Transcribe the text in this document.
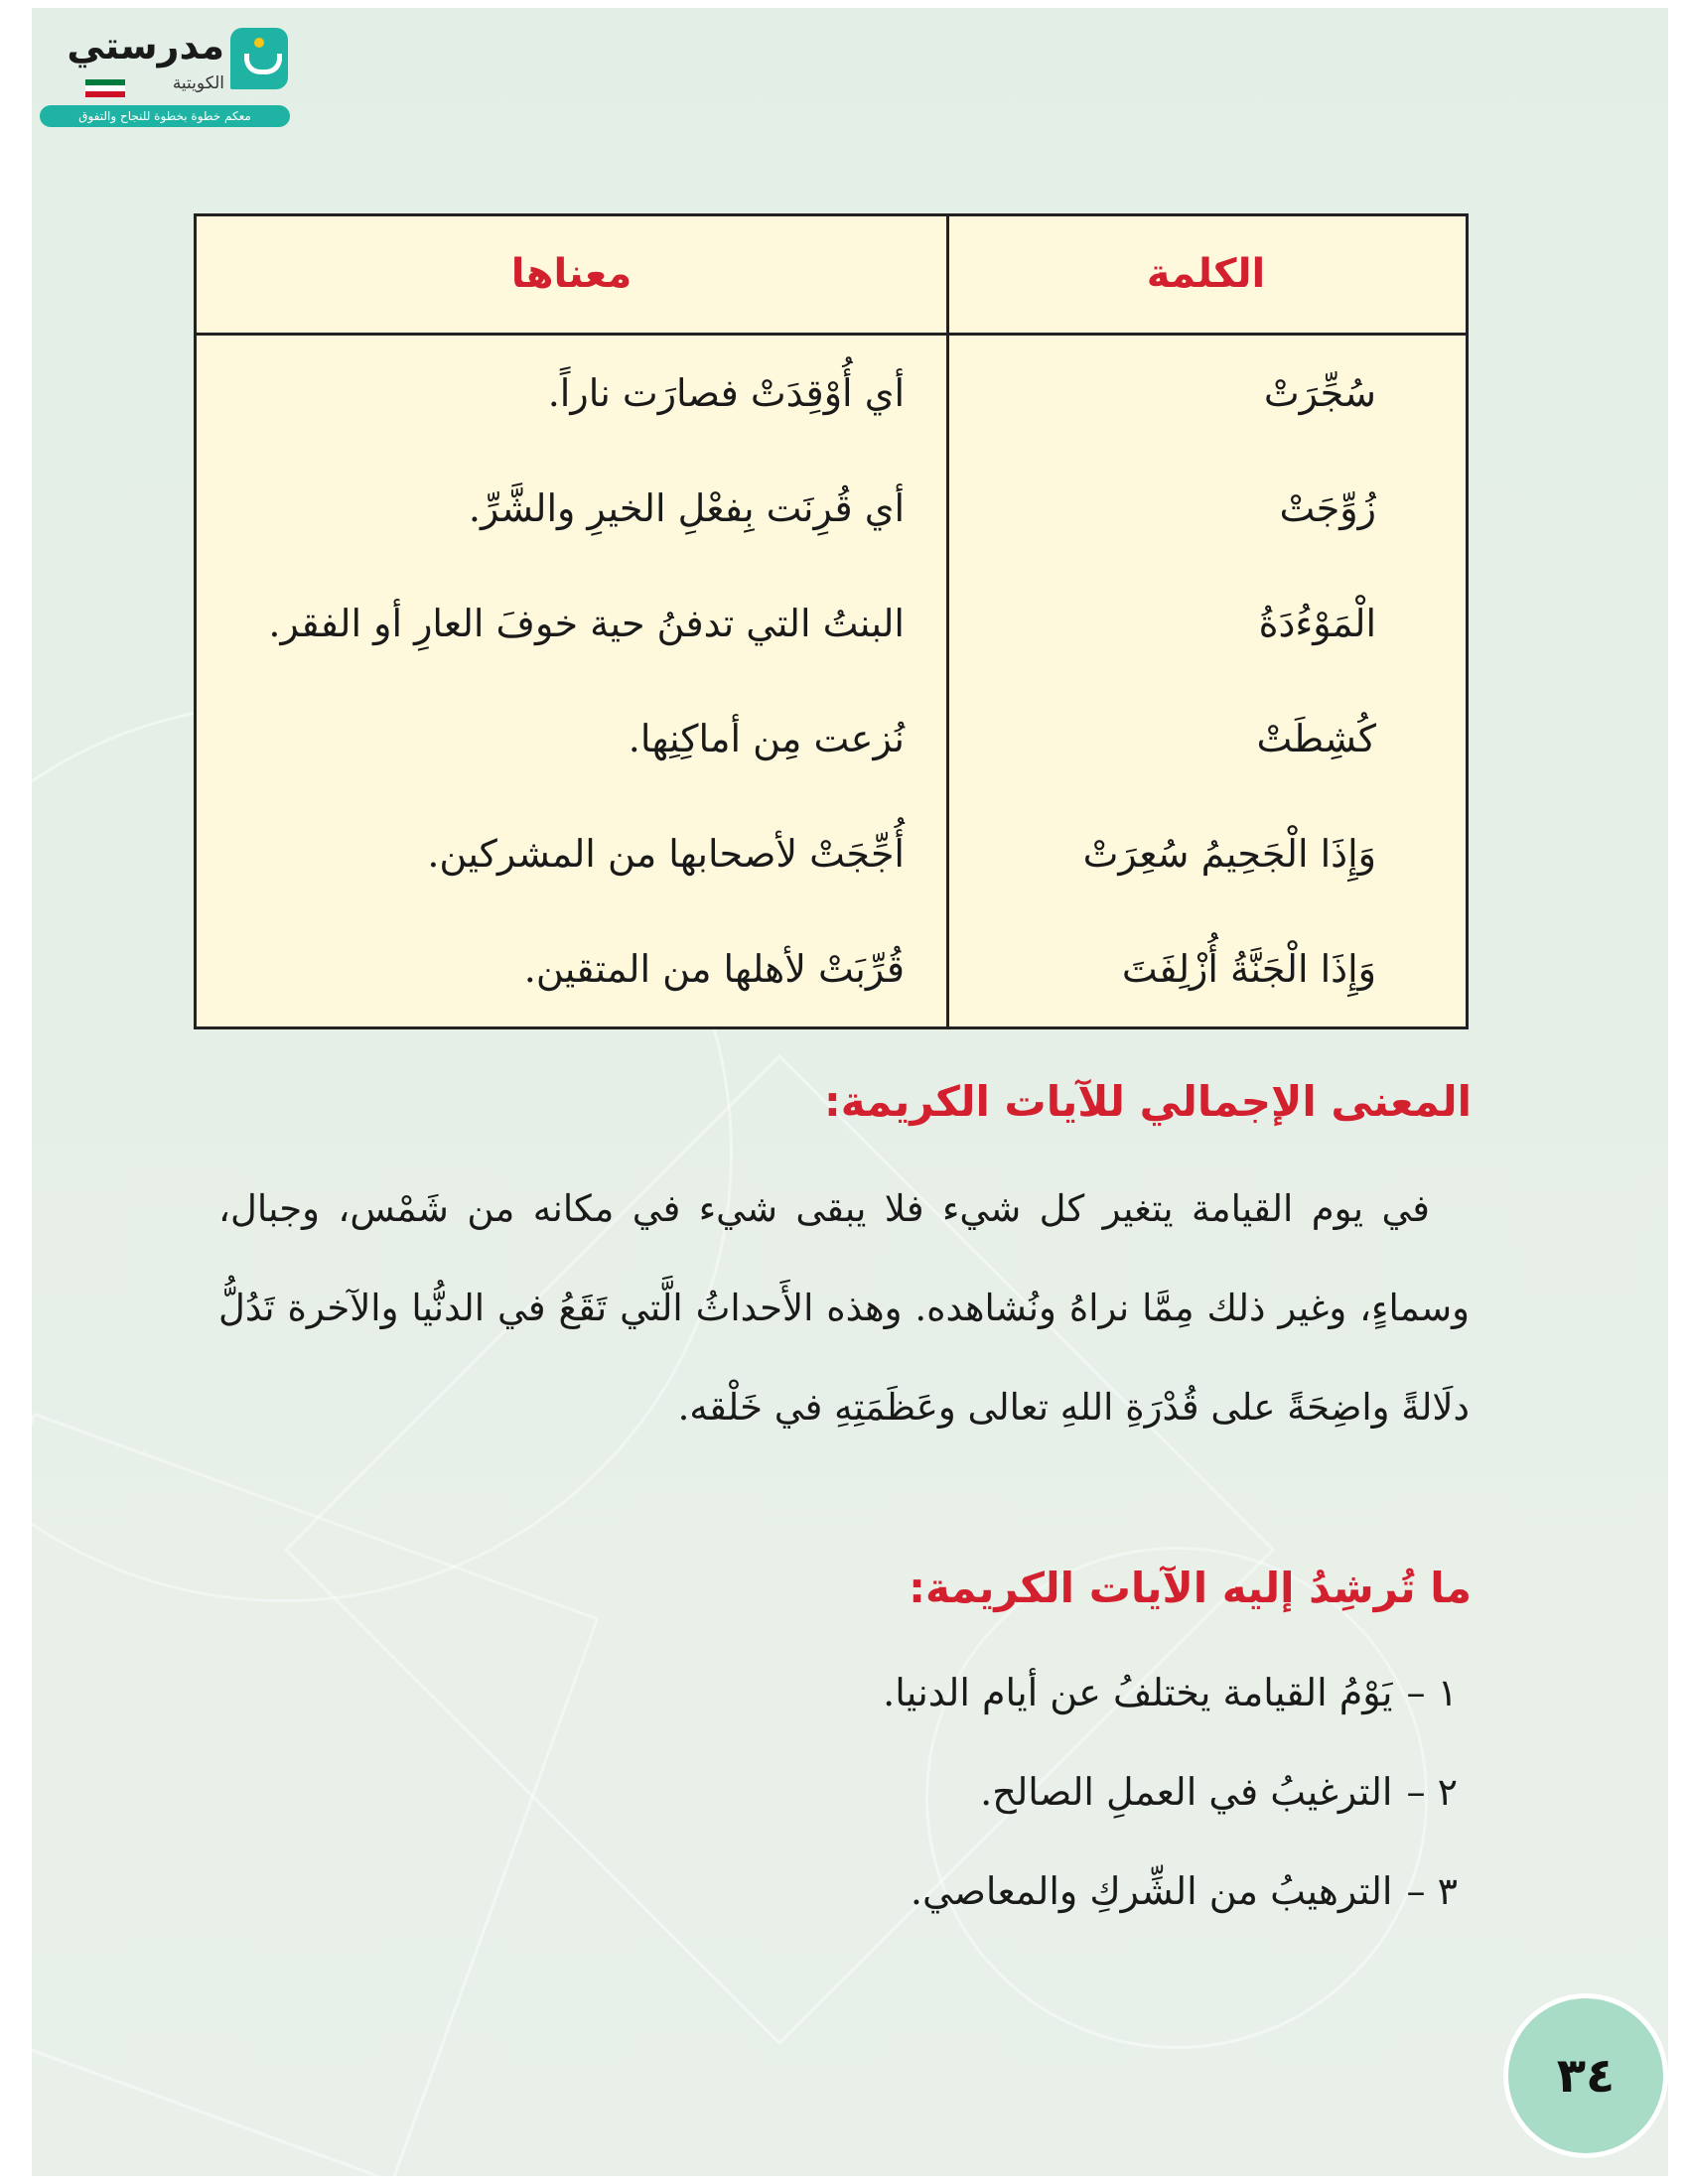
مدرستي
الكويتية
معكم خطوة بخطوة للنجاح والتفوق
الكلمة
معناها
سُجِّرَتْ
أي أُوْقِدَتْ فصارَت ناراً.
زُوِّجَتْ
أي قُرِنَت بِفعْلِ الخيرِ والشَّرِّ.
الْمَوْءُدَةُ
البنتُ التي تدفنُ حية خوفَ العارِ أو الفقر.
كُشِطَتْ
نُزعت مِن أماكِنِها.
وَإِذَا الْجَحِيمُ سُعِرَتْ
أُجِّجَتْ لأصحابها من المشركين.
وَإِذَا الْجَنَّةُ أُزْلِفَتَ
قُرِّبَتْ لأهلها من المتقين.
المعنى الإجمالي للآيات الكريمة:
في يوم القيامة يتغير كل شيء فلا يبقى شيء في مكانه من شَمْس، وجبال، وسماءٍ، وغير ذلك مِمَّا نراهُ ونُشاهده. وهذه الأَحداثُ الَّتي تَقَعُ في الدنُّيا والآخرة تَدُلُّ دلَالةً واضِحَةً على قُدْرَةِ اللهِ تعالى وعَظَمَتِهِ في خَلْقه.
ما تُرشِدُ إليه الآيات الكريمة:
١ –يَوْمُ القيامة يختلفُ عن أيام الدنيا.
٢ –الترغيبُ في العملِ الصالح.
٣ –الترهيبُ من الشِّركِ والمعاصي.
٣٤
